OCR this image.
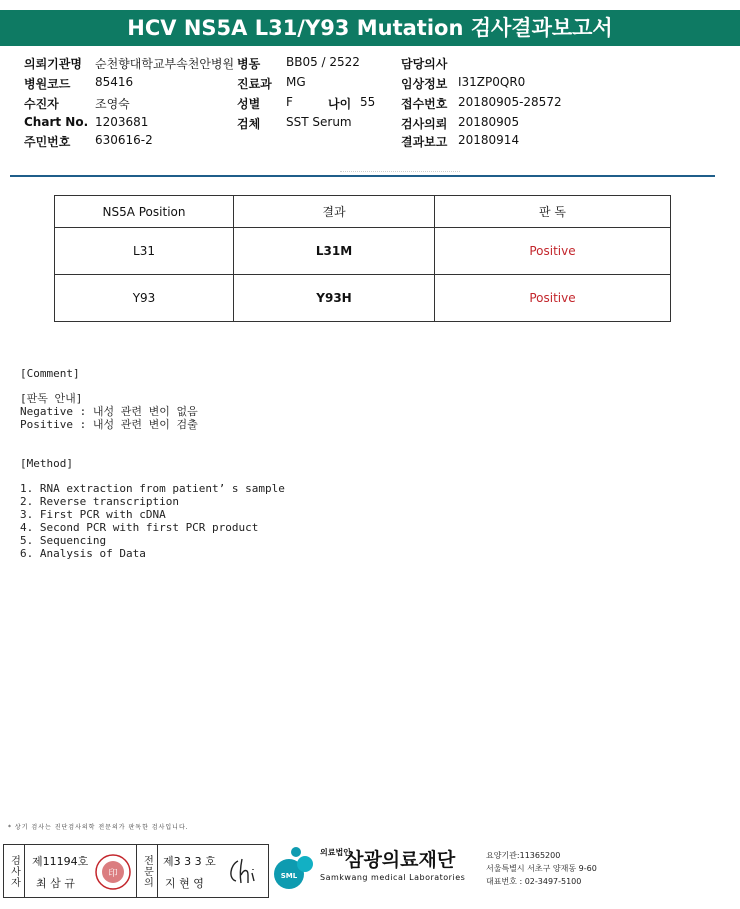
HCV NS5A L31/Y93 Mutation 검사결과보고서
의뢰기관명 순천향대학교부속천안병원
병원코드 85416
수진자	조영숙
Chart No. 1203681
주민번호 630616-2
병동 BB05 / 2522
진료과 MG
성별 F	나이 55
검체 SST Serum
담당의사
임상정보 I31ZP0QR0
접수번호 20180905-28572
검사의뢰 20180905
결과보고 20180914
NS5A Position	결과	판 독
L31	L31M	Positive
Y93	Y93H	Positive
[Comment]
[판독 안내]
Negative : 내성 관련 변이 없음
Positive : 내성 관련 변이 검출
[Method]
1. RNA extraction from patient’ s sample
2. Reverse transcription
3. First PCR with cDNA
4. Second PCR with first PCR product
5. Sequencing
6. Analysis of Data
* 상기 검사는 진단검사의학 전문의가 판독한 검사입니다.
검사자 제11194호
최 삼 규
印 전문의 제3 3 3 호
지 현 영
SML
의료법인 삼광의료재단
Samkwang medical Laboratories
요양기관:11365200
서울특별시 서초구 양재동 9-60
대표번호 : 02-3497-5100
